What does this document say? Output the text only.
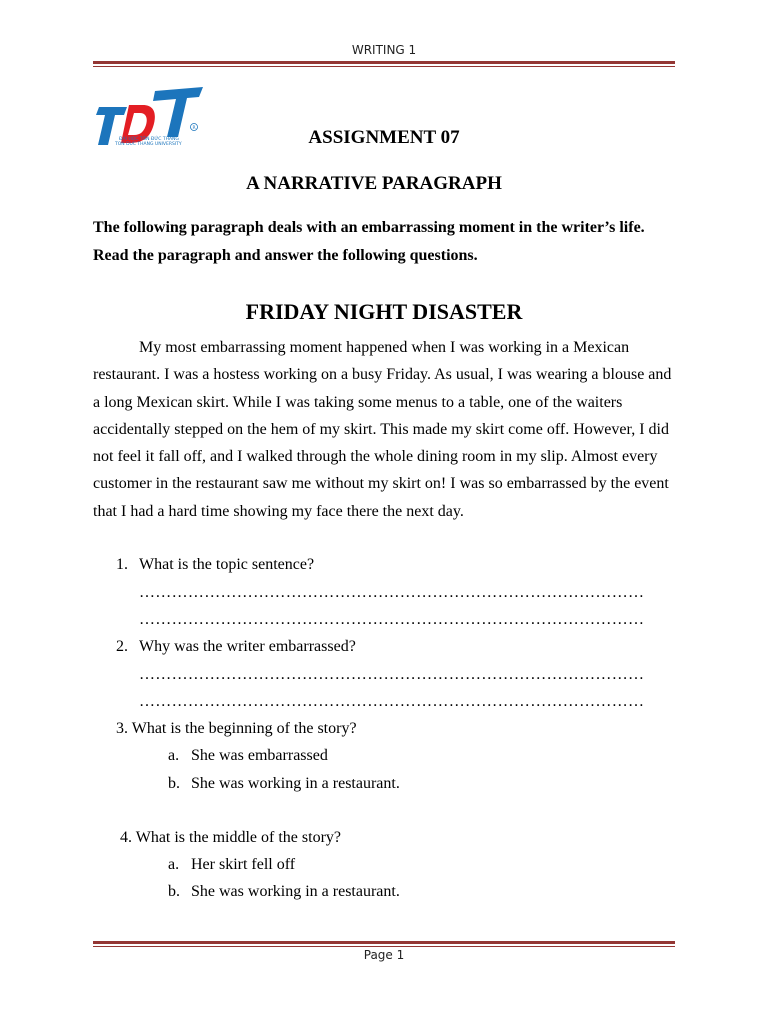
WRITING 1
R
ĐẠI HỌC TÔN ĐỨC THẮNG
TON DUC THANG UNIVERSITY	ASSIGNMENT 07
A NARRATIVE PARAGRAPH
The following paragraph deals with an embarrassing moment in the writer’s life. Read the paragraph and answer the following questions.
FRIDAY NIGHT DISASTER
My most embarrassing moment happened when I was working in a Mexican restaurant. I was a hostess working on a busy Friday. As usual, I was wearing a blouse and a long Mexican skirt. While I was taking some menus to a table, one of the waiters accidentally stepped on the hem of my skirt. This made my skirt come off. However, I did not feel it fall off, and I walked through the whole dining room in my slip. Almost every customer in the restaurant saw me without my skirt on! I was so embarrassed by the event that I had a hard time showing my face there the next day.
1. What is the topic sentence?
…………………………………………………………………………………
…………………………………………………………………………………
2. Why was the writer embarrassed?
…………………………………………………………………………………
…………………………………………………………………………………
3. What is the beginning of the story?
a. She was embarrassed
b. She was working in a restaurant.
4. What is the middle of the story?
a. Her skirt fell off
b. She was working in a restaurant.
Page 1
